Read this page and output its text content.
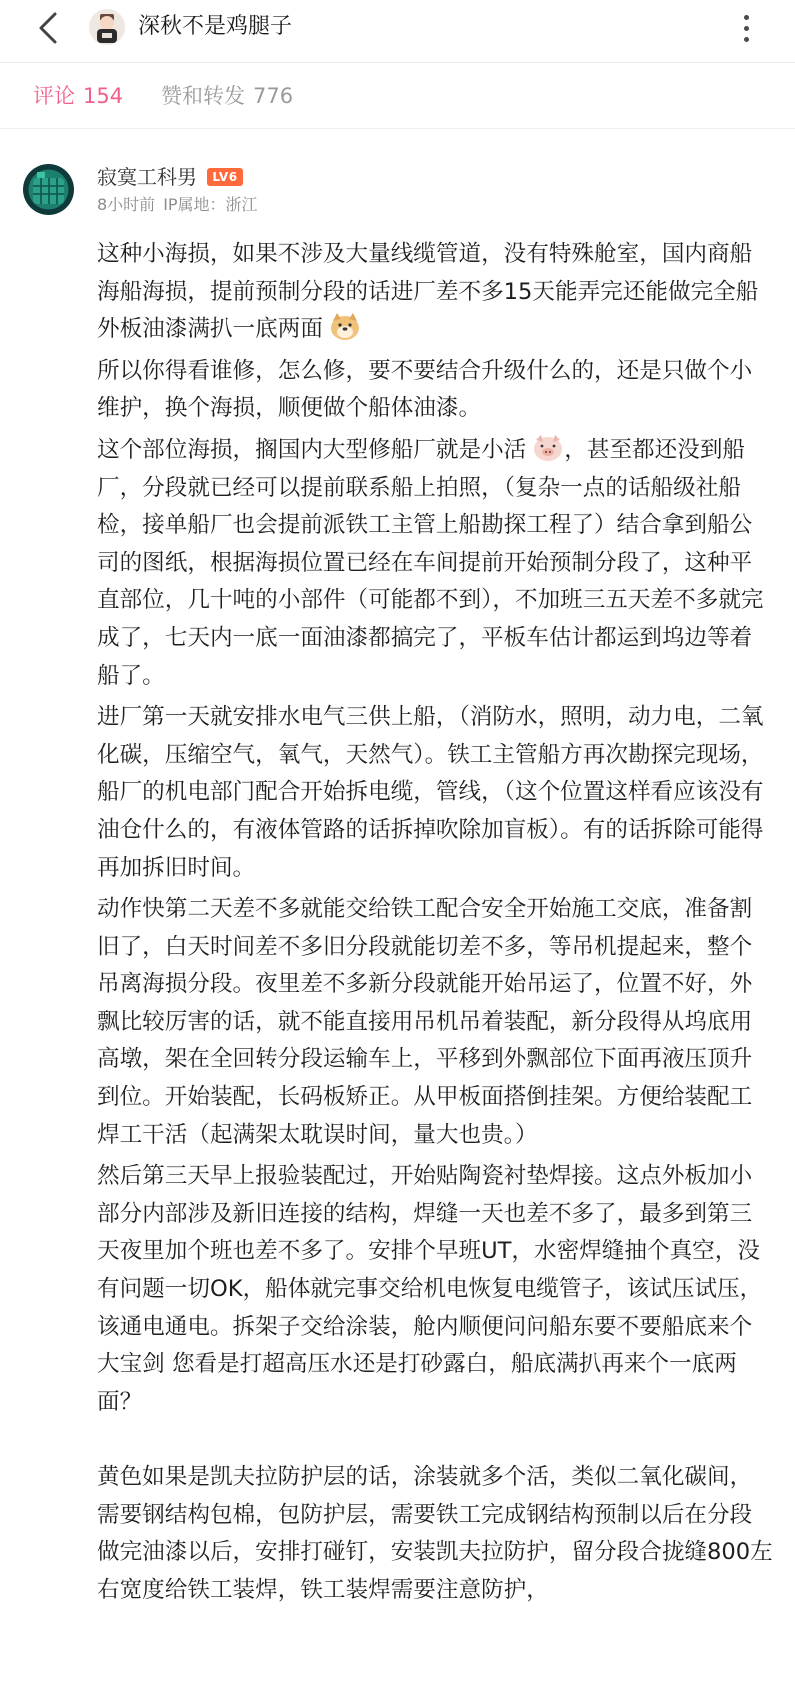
深秋不是鸡腿子
评论 154 赞和转发 776
寂寞工科男	LV6
8小时前 IP属地：浙江
这种小海损，如果不涉及大量线缆管道，没有特殊舱室，国内商船海船海损，提前预制分段的话进厂差不多15天能弄完还能做完全船外板油漆满扒一底两面
所以你得看谁修，怎么修，要不要结合升级什么的，还是只做个小维护，换个海损，顺便做个船体油漆。
这个部位海损，搁国内大型修船厂就是小活 ，甚至都还没到船厂，分段就已经可以提前联系船上拍照，（复杂一点的话船级社船检，接单船厂也会提前派铁工主管上船勘探工程了）结合拿到船公司的图纸，根据海损位置已经在车间提前开始预制分段了，这种平直部位，几十吨的小部件（可能都不到），不加班三五天差不多就完成了，七天内一底一面油漆都搞完了，平板车估计都运到坞边等着船了。
进厂第一天就安排水电气三供上船，（消防水，照明，动力电，二氧化碳，压缩空气，氧气，天然气）。铁工主管船方再次勘探完现场，船厂的机电部门配合开始拆电缆，管线，（这个位置这样看应该没有油仓什么的，有液体管路的话拆掉吹除加盲板）。有的话拆除可能得再加拆旧时间。
动作快第二天差不多就能交给铁工配合安全开始施工交底，准备割旧了，白天时间差不多旧分段就能切差不多，等吊机提起来，整个吊离海损分段。夜里差不多新分段就能开始吊运了，位置不好，外飘比较厉害的话，就不能直接用吊机吊着装配，新分段得从坞底用高墩，架在全回转分段运输车上，平移到外飘部位下面再液压顶升到位。开始装配，长码板矫正。从甲板面搭倒挂架。方便给装配工焊工干活（起满架太耽误时间，量大也贵。）
然后第三天早上报验装配过，开始贴陶瓷衬垫焊接。这点外板加小部分内部涉及新旧连接的结构，焊缝一天也差不多了，最多到第三天夜里加个班也差不多了。安排个早班UT，水密焊缝抽个真空，没有问题一切OK，船体就完事交给机电恢复电缆管子，该试压试压，该通电通电。拆架子交给涂装，舱内顺便问问船东要不要船底来个大宝剑 您看是打超高压水还是打砂露白，船底满扒再来个一底两面？
黄色如果是凯夫拉防护层的话，涂装就多个活，类似二氧化碳间，需要钢结构包棉，包防护层，需要铁工完成钢结构预制以后在分段做完油漆以后，安排打碰钉，安装凯夫拉防护，留分段合拢缝800左右宽度给铁工装焊，铁工装焊需要注意防护，
